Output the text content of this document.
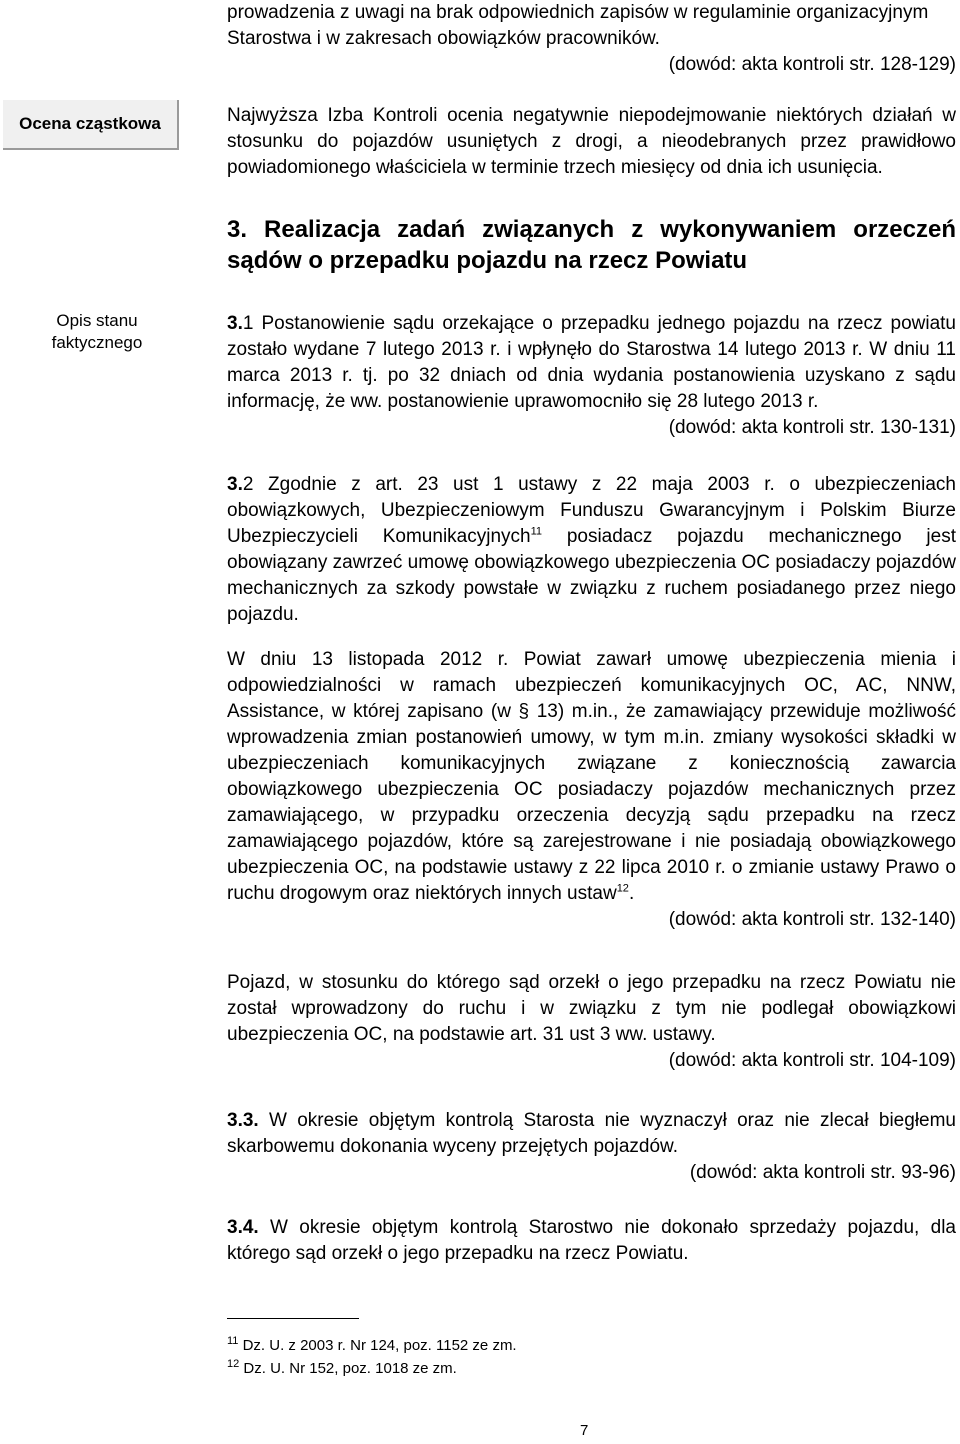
prowadzenia z uwagi na brak odpowiednich zapisów w regulaminie organizacyjnym

Starostwa i w zakresach obowiązków pracowników.

(dowód: akta kontroli str. 128-129)

Ocena cząstkowa	Najwyższa Izba Kontroli ocenia negatywnie niepodejmowanie niektórych działań w stosunku do pojazdów usuniętych z drogi, a nieodebranych przez prawidłowo powiadomionego właściciela w terminie trzech miesięcy od dnia ich usunięcia.

3. Realizacja zadań związanych z wykonywaniem orzeczeń sądów o przepadku pojazdu na rzecz Powiatu
Opis stanu faktycznego

3.1 Postanowienie sądu orzekające o przepadku jednego pojazdu na rzecz powiatu zostało wydane 7 lutego 2013 r. i wpłynęło do Starostwa 14 lutego 2013 r. W dniu 11 marca 2013 r. tj. po 32 dniach od dnia wydania postanowienia uzyskano z sądu informację, że ww. postanowienie uprawomocniło się 28 lutego 2013 r.

(dowód: akta kontroli str. 130-131)

3.2 Zgodnie z art. 23 ust 1 ustawy z 22 maja 2003 r. o ubezpieczeniach obowiązkowych, Ubezpieczeniowym Funduszu Gwarancyjnym i Polskim Biurze Ubezpieczycieli Komunikacyjnych$^{11}$ posiadacz pojazdu mechanicznego jest obowiązany zawrzeć umowę obowiązkowego ubezpieczenia OC posiadaczy pojazdów mechanicznych za szkody powstałe w związku z ruchem posiadanego przez niego pojazdu.

W dniu 13 listopada 2012 r. Powiat zawarł umowę ubezpieczenia mienia i odpowiedzialności w ramach ubezpieczeń komunikacyjnych OC, AC, NNW, Assistance, w której zapisano (w § 13) m.in., że zamawiający przewiduje możliwość wprowadzenia zmian postanowień umowy, w tym m.in. zmiany wysokości składki w ubezpieczeniach komunikacyjnych związane z koniecznością zawarcia obowiązkowego ubezpieczenia OC posiadaczy pojazdów mechanicznych przez zamawiającego, w przypadku orzeczenia decyzją sądu przepadku na rzecz zamawiającego pojazdów, które są zarejestrowane i nie posiadają obowiązkowego ubezpieczenia OC, na podstawie ustawy z 22 lipca 2010 r. o zmianie ustawy Prawo o ruchu drogowym oraz niektórych innych ustaw$^{12}$.

(dowód: akta kontroli str. 132-140)

Pojazd, w stosunku do którego sąd orzekł o jego przepadku na rzecz Powiatu nie został wprowadzony do ruchu i w związku z tym nie podlegał obowiązkowi ubezpieczenia OC, na podstawie art. 31 ust 3 ww. ustawy.

(dowód: akta kontroli str. 104-109)

3.3. W okresie objętym kontrolą Starosta nie wyznaczył oraz nie zlecał biegłemu skarbowemu dokonania wyceny przejętych pojazdów.

(dowód: akta kontroli str. 93-96)

3.4. W okresie objętym kontrolą Starostwo nie dokonało sprzedaży pojazdu, dla którego sąd orzekł o jego przepadku na rzecz Powiatu.

$^{11}$ Dz. U. z 2003 r. Nr 124, poz. 1152 ze zm.
$^{12}$ Dz. U. Nr 152, poz. 1018 ze zm.
7
